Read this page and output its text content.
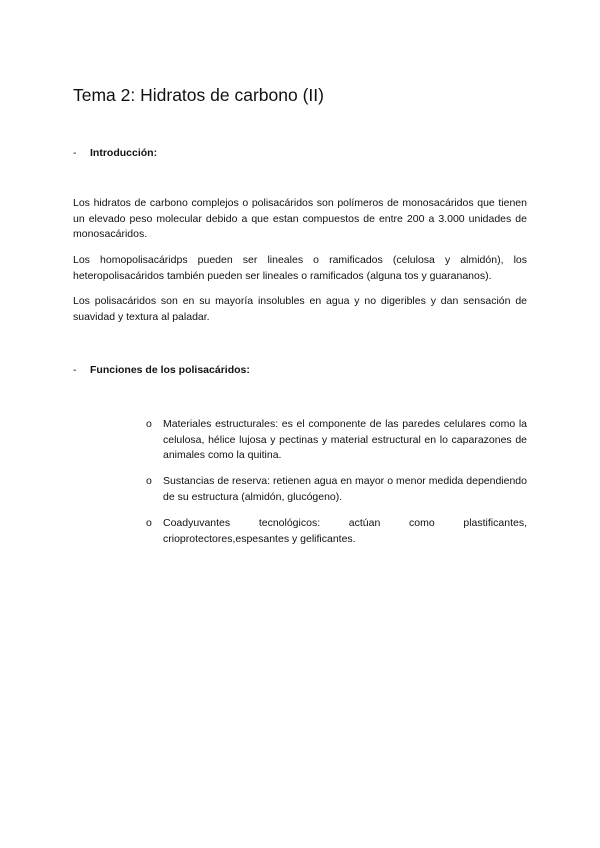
Tema 2: Hidratos de carbono (II)
- Introducción:

Los hidratos de carbono complejos o polisacáridos son polímeros de monosacáridos que tienen un elevado peso molecular debido a que estan compuestos de entre 200 a 3.000 unidades de monosacáridos.

Los homopolisacáridps pueden ser lineales o ramificados (celulosa y almidón), los heteropolisacáridos también pueden ser lineales o ramificados (alguna tos y guarananos).

Los polisacáridos son en su mayoría insolubles en agua y no digeribles y dan sensación de suavidad y textura al paladar.

- Funciones de los polisacáridos:
o Materiales estructurales: es el componente de las paredes celulares como la celulosa, hélice lujosa y pectinas y material estructural en lo caparazones de animales como la quitina.
o Sustancias de reserva: retienen agua en mayor o menor medida dependiendo de su estructura (almidón, glucógeno).
o Coadyuvantes tecnológicos: actúan como plastificantes, crioprotectores,espesantes y gelificantes.
